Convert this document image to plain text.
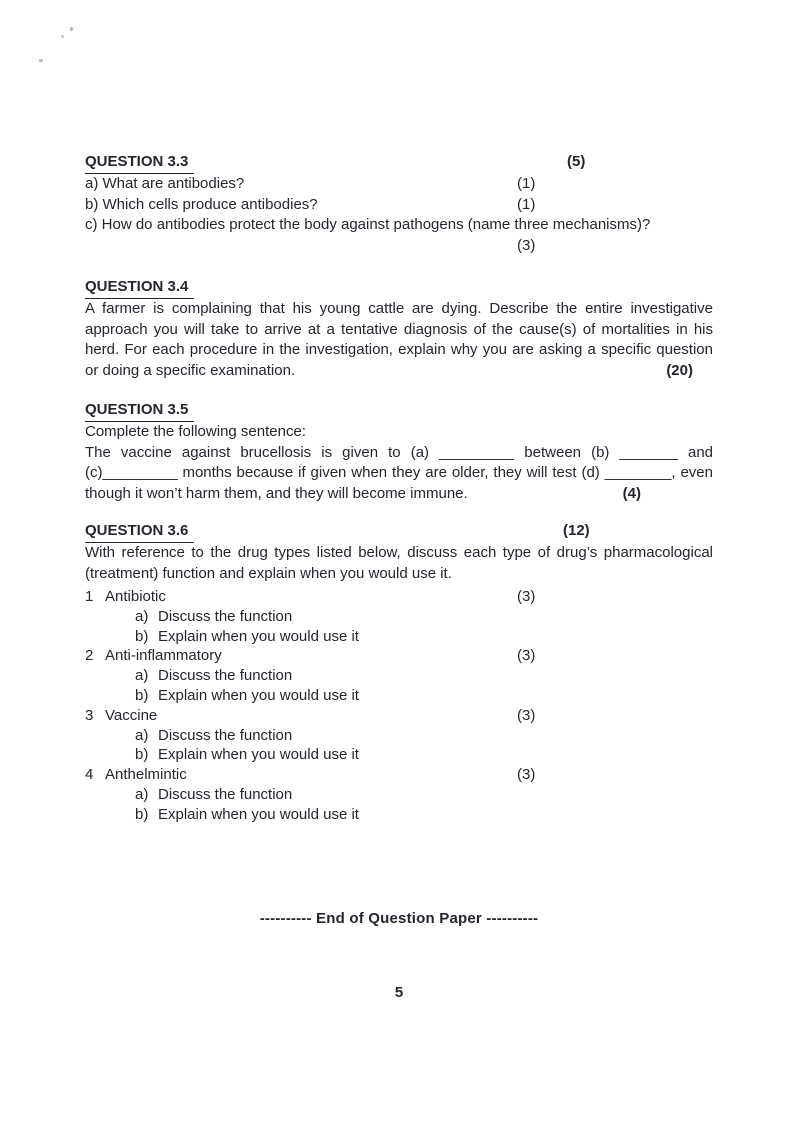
QUESTION 3.3	(5)
a) What are antibodies?	(1)
b) Which cells produce antibodies?	(1)
c) How do antibodies protect the body against pathogens (name three mechanisms)?
(3)
QUESTION 3.4
A farmer is complaining that his young cattle are dying. Describe the entire investigative approach you will take to arrive at a tentative diagnosis of the cause(s) of mortalities in his herd. For each procedure in the investigation, explain why you are asking a specific question or doing a specific examination.	(20)
QUESTION 3.5
Complete the following sentence:
The vaccine against brucellosis is given to (a) _________ between (b) _______ and (c)_________ months because if given when they are older, they will test (d) ________, even though it won’t harm them, and they will become immune.	(4)
QUESTION 3.6	(12)
With reference to the drug types listed below, discuss each type of drug’s pharmacological (treatment) function and explain when you would use it.
1 Antibiotic	(3)
a) Discuss the function
b) Explain when you would use it
2 Anti-inflammatory	(3)
a) Discuss the function
b) Explain when you would use it
3 Vaccine	(3)
a) Discuss the function
b) Explain when you would use it
4 Anthelmintic	(3)
a) Discuss the function
b) Explain when you would use it
---------- End of Question Paper ----------
5
